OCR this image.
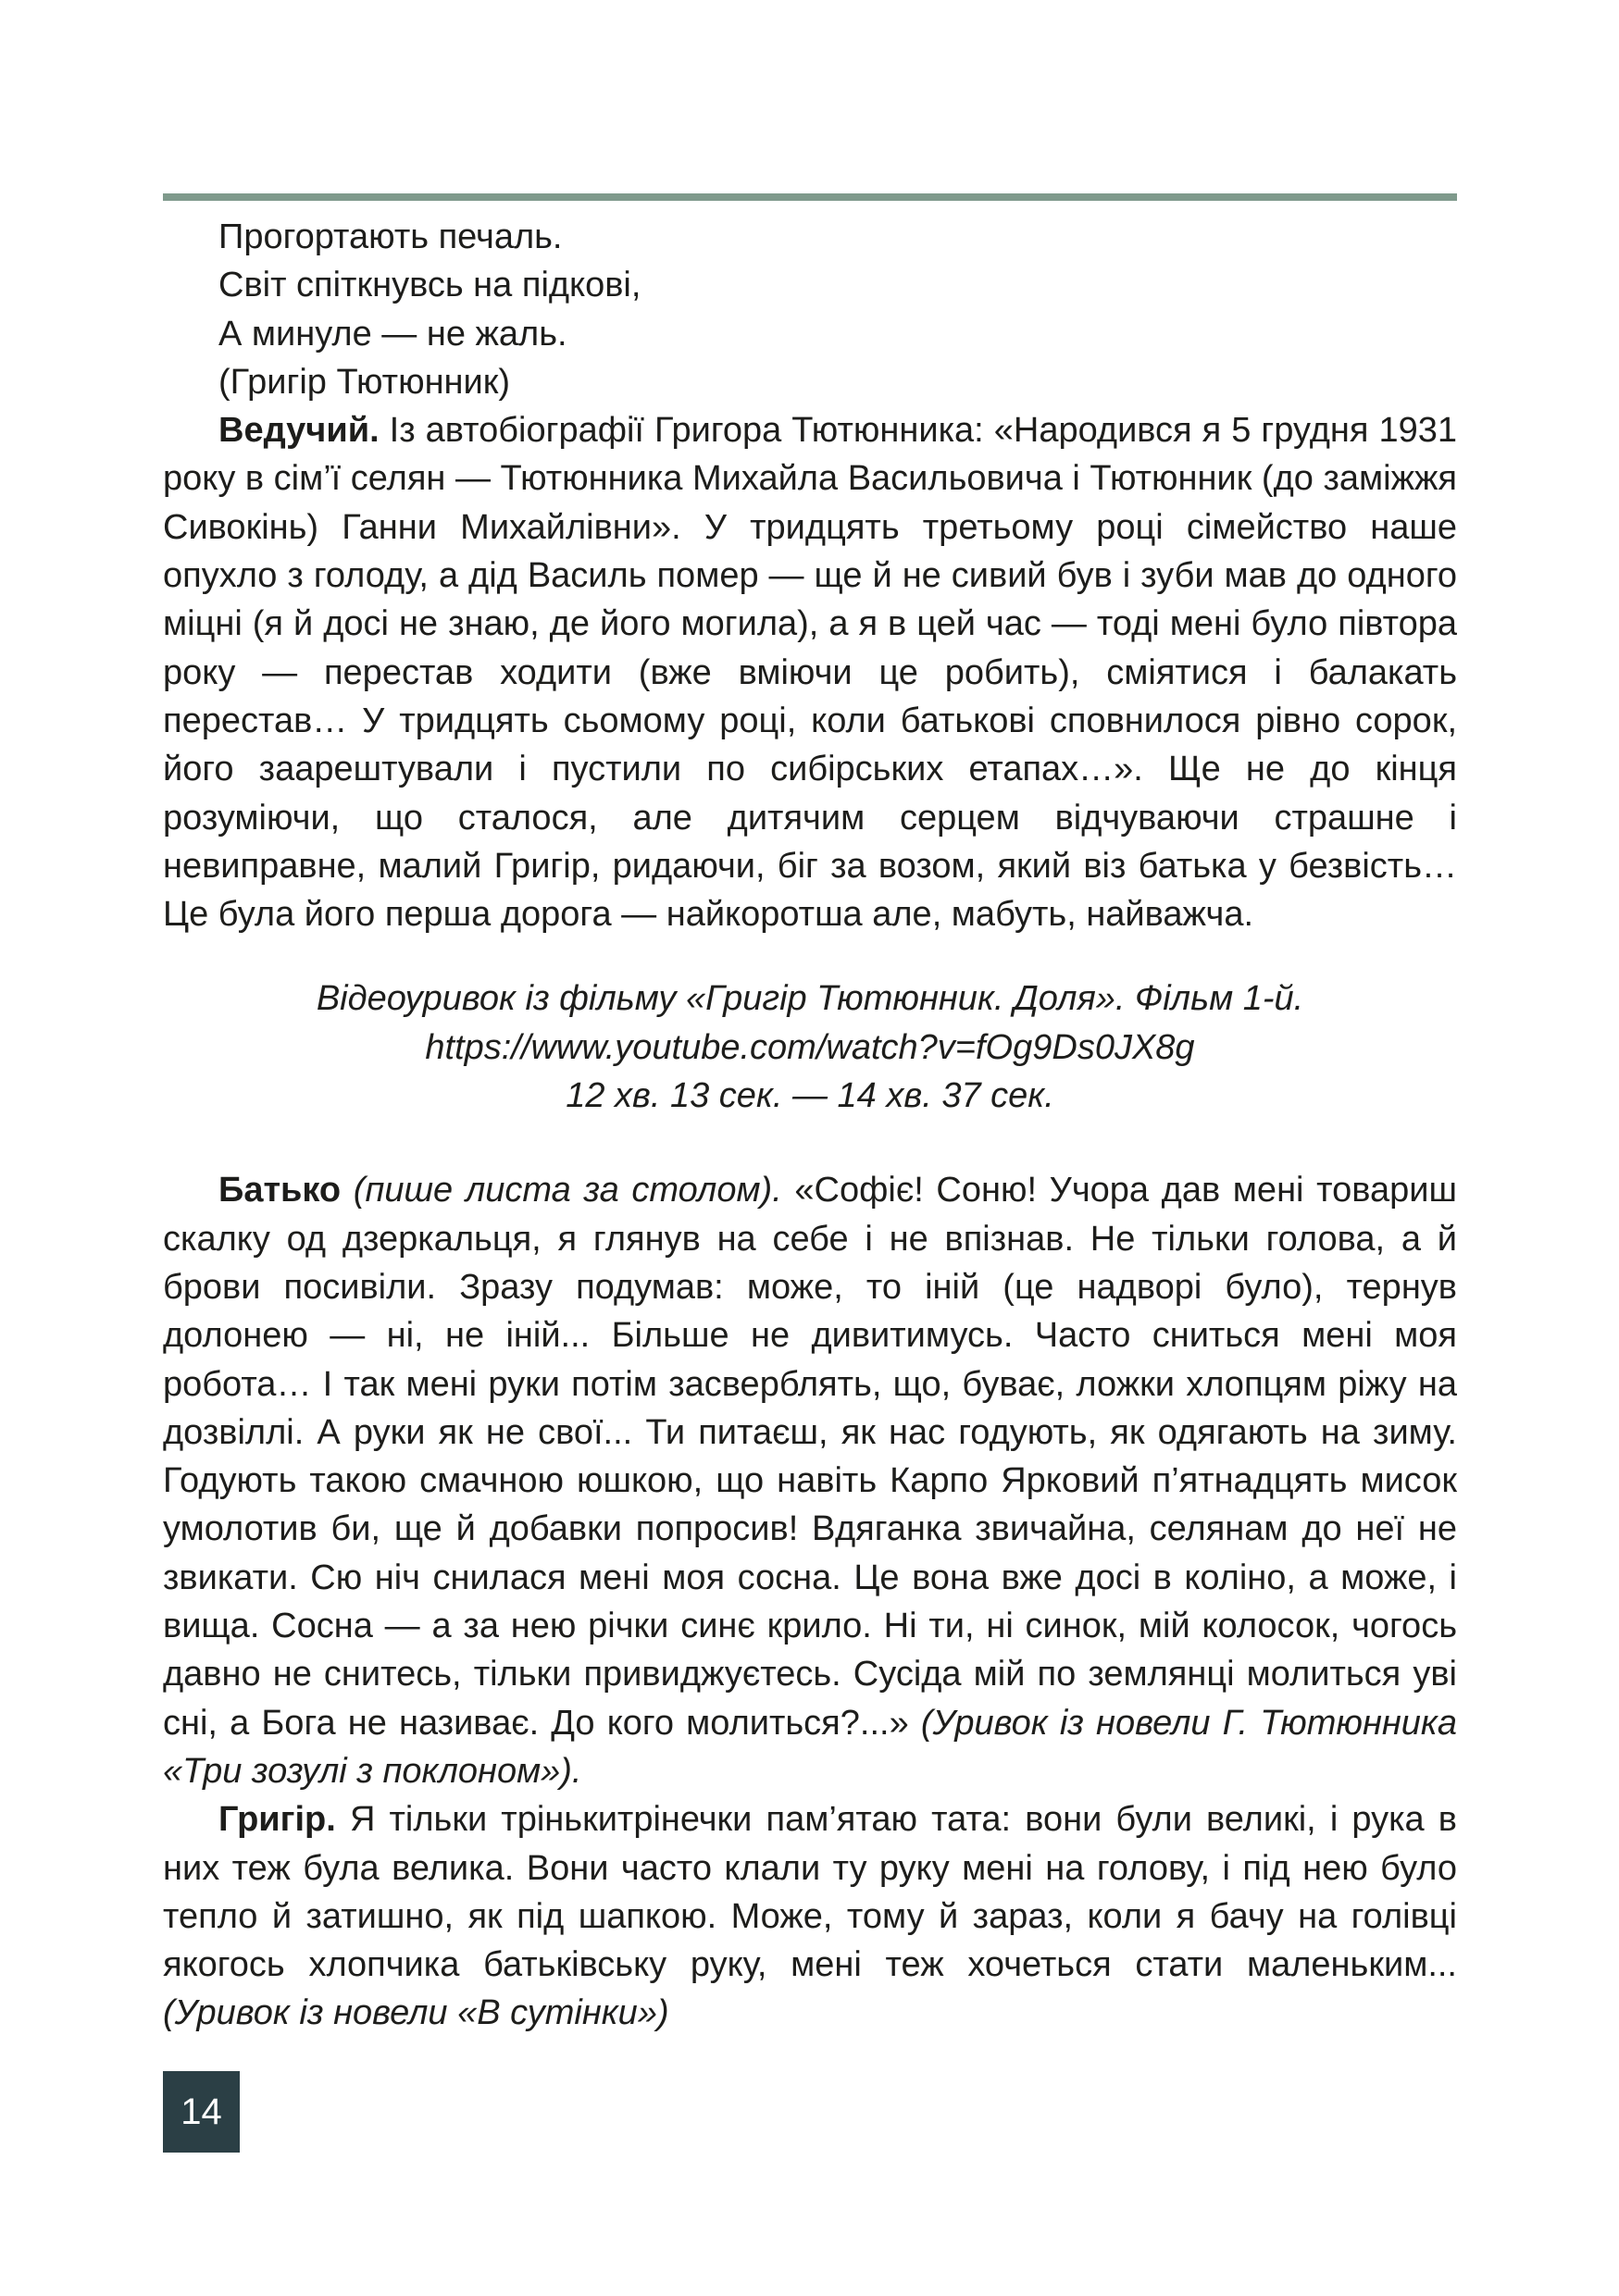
Прогортають печаль.
Світ спіткнувсь на підкові,
А минуле — не жаль.
(Григір Тютюнник)

Ведучий. Із автобіографії Григора Тютюнника: «Народився я 5 грудня 1931 року в сім’ї селян — Тютюнника Михайла Васильовича і Тютюнник (до заміжжя Сивокінь) Ганни Михайлівни». У тридцять третьому році сімейство наше опухло з голоду, а дід Василь помер — ще й не сивий був і зуби мав до одного міцні (я й досі не знаю, де його могила), а я в цей час — тоді мені було півтора року — перестав ходити (вже вміючи це робить), сміятися і балакать перестав… У тридцять сьомому році, коли батькові сповнилося рівно сорок, його заарештували і пустили по сибірських етапах…». Ще не до кінця розуміючи, що сталося, але дитячим серцем відчуваючи страшне і невиправне, малий Григір, ридаючи, біг за возом, який віз батька у безвість… Це була його перша дорога — найкоротша але, мабуть, найважча.

Відеоуривок із фільму «Григір Тютюнник. Доля». Фільм 1-й.
https://www.youtube.com/watch?v=fOg9Ds0JX8g
12 хв. 13 сек. — 14 хв. 37 сек.

Батько (пише листа за столом). «Софіє! Соню! Учора дав мені товариш скалку од дзеркальця, я глянув на себе і не впізнав. Не тільки голова, а й брови посивіли. Зразу подумав: може, то іній (це надворі було), тернув долонею — ні, не іній... Більше не дивитимусь. Часто сниться мені моя робота… І так мені руки потім засверблять, що, буває, ложки хлопцям ріжу на дозвіллі. А руки як не свої... Ти питаєш, як нас годують, як одягають на зиму. Годують такою смачною юшкою, що навіть Карпо Ярковий п’ятнадцять мисок умолотив би, ще й добавки попросив! Вдяганка звичайна, селянам до неї не звикати. Сю ніч снилася мені моя сосна. Це вона вже досі в коліно, а може, і вища. Сосна — а за нею річки синє крило. Ні ти, ні синок, мій колосок, чогось давно не снитесь, тільки привиджуєтесь. Сусіда мій по землянці молиться уві сні, а Бога не називає. До кого молиться?...» (Уривок із новели Г. Тютюнника «Три зозулі з поклоном»).

Григір. Я тільки трінькитрінечки пам’ятаю тата: вони були великі, і рука в них теж була велика. Вони часто клали ту руку мені на голову, і під нею було тепло й затишно, як під шапкою. Може, тому й зараз, коли я бачу на голівці якогось хлопчика батьківську руку, мені теж хочеться стати маленьким... (Уривок із новели «В сутінки»)

14
